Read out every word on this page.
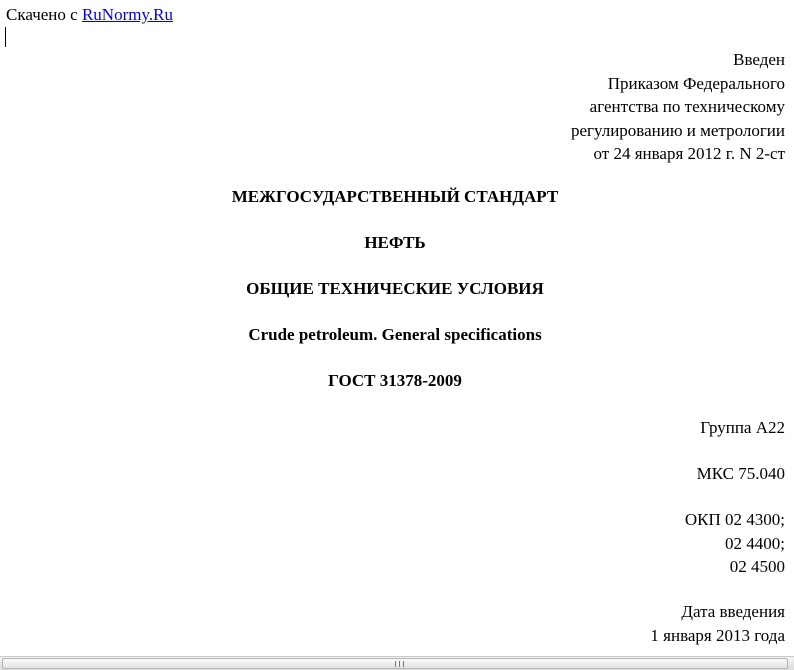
Скачено с RuNormy.Ru
Введен
Приказом Федерального
агентства по техническому
регулированию и метрологии
от 24 января 2012 г. N 2-ст
МЕЖГОСУДАРСТВЕННЫЙ СТАНДАРТ
НЕФТЬ
ОБЩИЕ ТЕХНИЧЕСКИЕ УСЛОВИЯ
Crude petroleum. General specifications
ГОСТ 31378-2009
Группа А22
МКС 75.040
ОКП 02 4300;
02 4400;
02 4500
Дата введения
1 января 2013 года
